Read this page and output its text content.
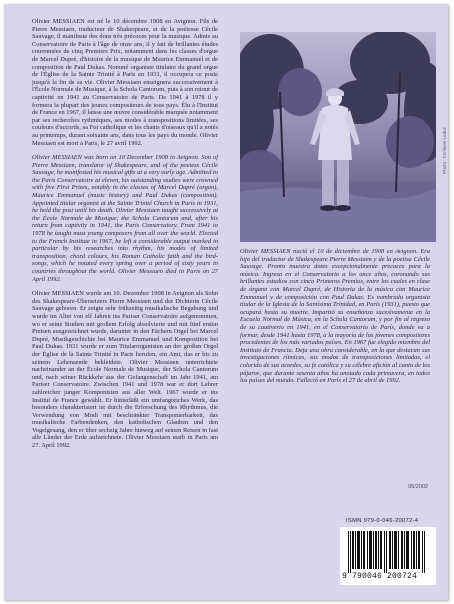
Olivier MESSIAEN est né le 10 décembre 1908 en Avignon. Fils de Pierre Messiaen, traducteur de Shakespeare, et de la poétesse Cécile Sauvage, il manifeste des dons très précoces pour la musique. Admis au Conservatoire de Paris à l'âge de onze ans, il y fait de brillantes études couronnées de cinq Premiers Prix, notamment dans les classes d'orgue de Marcel Dupré, d'histoire de la musique de Maurice Emmanuel et de composition de Paul Dukas. Nommé organiste titulaire du grand orgue de l'Église de la Sainte Trinité à Paris en 1931, il occupera ce poste jusqu'à la fin de sa vie. Olivier Messiaen enseignera successivement à l'École Normale de Musique, à la Schola Cantorum, puis à son retour de captivité en 1941 au Conservatoire de Paris. De 1941 à 1978 il y formera la plupart des jeunes compositeurs de tous pays. Élu à l'Institut de France en 1967, il laisse une œuvre considérable marquée notamment par ses recherches rythmiques, ses modes à transpositions limitées, ses couleurs d'accords, sa Foi catholique et les chants d'oiseaux qu'il a notés au printemps, durant soixante ans, dans tous les pays du monde. Olivier Messiaen est mort à Paris, le 27 avril 1992.

Olivier MESSIAEN was born on 10 December 1908 in Avignon. Son of Pierre Messiaen, translator of Shakespeare, and of the poetess Cécile Sauvage, he manifested his musical gifts at a very early age. Admitted to the Paris Conservatoire at eleven, his outstanding studies were crowned with five First Prizes, notably in the classes of Marcel Dupré (organ), Maurice Emmanuel (music history) and Paul Dukas (composition). Appointed titular organist at the Sainte Trinité Church in Paris in 1931, he held the post until his death. Olivier Messiaen taught successively at the École Normale de Musique, the Schola Cantorum and, after his return from captivity in 1941, the Paris Conservatory. From 1941 to 1978 he taught most young composers from all over the world. Elected to the French Institute in 1967, he left a considerable output marked in particular by his researches into rhythm, his modes of limited transposition, chord colours, his Roman Catholic faith and the bird-songs, which he notated every spring over a period of sixty years in countries throughout the world. Olivier Messiaen died in Paris on 27 April 1992.

Olivier MESSIAEN wurde am 10. Dezember 1908 in Avignon als Sohn des Shakespeare-Übersetzers Pierre Messiaen und der Dichterin Cécile Sauvage geboren. Er zeigte sehr frühzeitig musikalische Begabung und wurde im Alter von elf Jahren ins Pariser Conservatoire aufgenommen, wo er seine Studien mit großem Erfolg absolvierte und mit fünf ersten Preisen ausgezeichnet wurde, darunter in den Fächern Orgel bei Marcel Dupré, Musikgeschichte bei Maurice Emmanuel und Komposition bei Paul Dukas. 1931 wurde er zum Titularorganisten an der großen Orgel der Église de la Sainte Trinité in Paris berufen, ein Amt, das er bis zu seinem Lebensende bekleidete. Olivier Messiaen unterrichtete nacheinander an der École Normale de Musique, der Schola Cantorum und, nach seiner Rückkehr aus der Gefangenschaft im Jahr 1941, am Pariser Conservatoire. Zwischen 1941 und 1978 war er dort Lehrer zahlreicher junger Komponisten aus aller Welt. 1967 wurde er ins Institut de France gewählt. Er hinterläßt ein umfangreiches Werk, das besonders charakterisiert ist durch die Erforschung des Rhythmus, die Verwendung von Modi mit beschränkter Transponierbarkeit, das musikalische Farbendenken, den katholischen Glauben und den Vogelgesang, den er über sechzig Jahre hinweg auf seinen Reisen in fast alle Länder der Erde aufzeichnete. Olivier Messiaen starb in Paris am 27. April 1992.

Photo : Archives Leduc

Olivier MESSIAEN nació el 10 de diciembre de 1908 en Avignon. Era hijo del traductor de Shakespeare Pierre Messiaen y de la poetisa Cécile Sauvage. Pronto muestra dotes excepcionalmente precoces para la música. Ingresa en el Conservatorio a los once años, coronando sus brillantes estudios con cinco Primeros Premios, entre los cuales en clase de órgano con Marcel Dupré, de Historia de la música con Maurice Emmanuel y de composición con Paul Dukas. Es nombrado organista titular de la Iglesia de la Santísima Trinidad, en París (1931), puesto que ocupará hasta su muerte. Impartió su enseñanza sucesivamente en la Escuela Normal de Música, en la Schola Cantorum, y por fin al regreso de su cautiverio en 1941, en el Conservatorio de París, donde va a formar, desde 1941 hasta 1978, a la mayoría de los jóvenes compositores procedentes de los más variados países. En 1967 fue elegido miembro del Instituto de Francia. Deja una obra considerable, en la que destacan sus investigaciones rítmicas, sus modos de transposiciones limitadas, el colorido de sus acordes, su fe católica y su célebre afición al canto de los pájaros, que durante sesenta años ha anotado cada primavera, en todos los países del mundo. Falleció en París el 27 de abril de 1992.

05/2002
ISMN 979-0-046-20072-4
9 790046 200724
